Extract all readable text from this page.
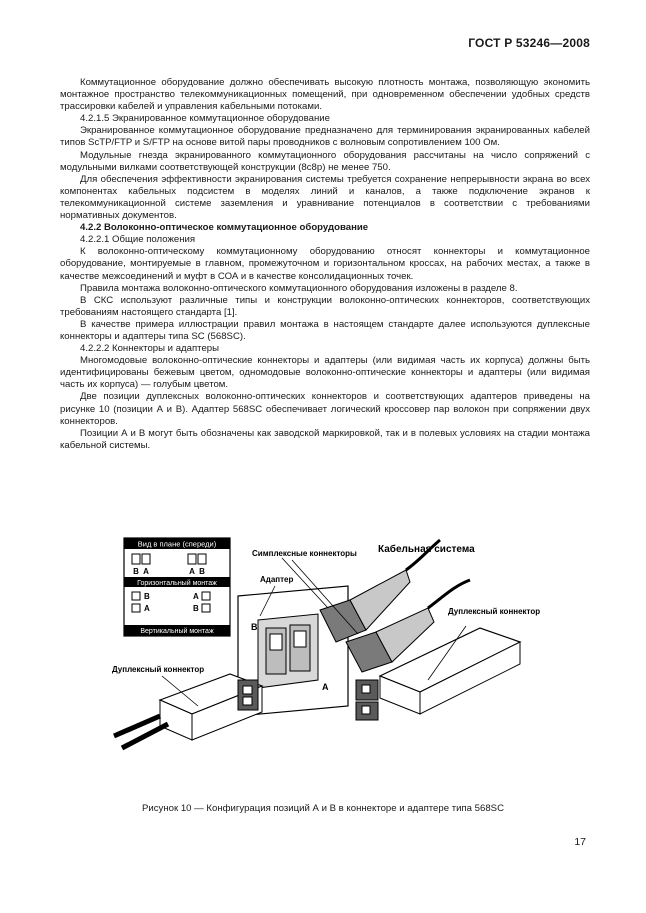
ГОСТ Р 53246—2008

Коммутационное оборудование должно обеспечивать высокую плотность монтажа, позволяющую экономить монтажное пространство телекоммуникационных помещений, при одновременном обеспечении удобных средств трассировки кабелей и управления кабельными потоками.

4.2.1.5 Экранированное коммутационное оборудование

Экранированное коммутационное оборудование предназначено для терминирования экранированных кабелей типов ScTP/FTP и S/FTP на основе витой пары проводников с волновым сопротивлением 100 Ом.

Модульные гнезда экранированного коммутационного оборудования рассчитаны на число сопряжений с модульными вилками соответствующей конструкции (8с8р) не менее 750.

Для обеспечения эффективности экранирования системы требуется сохранение непрерывности экрана во всех компонентах кабельных подсистем в моделях линий и каналов, а также подключение экранов к телекоммуникационной системе заземления и уравнивание потенциалов в соответствии с требованиями нормативных документов.

4.2.2 Волоконно-оптическое коммутационное оборудование

4.2.2.1 Общие положения

К волоконно-оптическому коммутационному оборудованию относят коннекторы и коммутационное оборудование, монтируемые в главном, промежуточном и горизонтальном кроссах, на рабочих местах, а также в качестве межсоединений и муфт в СОА и в качестве консолидационных точек.

Правила монтажа волоконно-оптического коммутационного оборудования изложены в разделе 8.

В СКС используют различные типы и конструкции волоконно-оптических коннекторов, соответствующих требованиям настоящего стандарта [1].

В качестве примера иллюстрации правил монтажа в настоящем стандарте далее используются дуплексные коннекторы и адаптеры типа SC (568SC).

4.2.2.2 Коннекторы и адаптеры

Многомодовые волоконно-оптические коннекторы и адаптеры (или видимая часть их корпуса) должны быть идентифицированы бежевым цветом, одномодовые волоконно-оптические коннекторы и адаптеры (или видимая часть их корпуса) — голубым цветом.

Две позиции дуплексных волоконно-оптических коннекторов и соответствующих адаптеров приведены на рисунке 10 (позиции А и В). Адаптер 568SC обеспечивает логический кроссовер пар волокон при сопряжении двух коннекторов.

Позиции А и В могут быть обозначены как заводской маркировкой, так и в полевых условиях на стадии монтажа кабельной системы.

Вид в плане (спереди)
B A	A B
Горизонтальный монтаж
B
A
A
B
Вертикальный монтаж	B
A
Симплексные коннекторы
Адаптер
Кабельная система
Дуплексный коннектор
Дуплексный коннектор
Рисунок 10 — Конфигурация позиций А и В в коннекторе и адаптере типа 568SC
17
